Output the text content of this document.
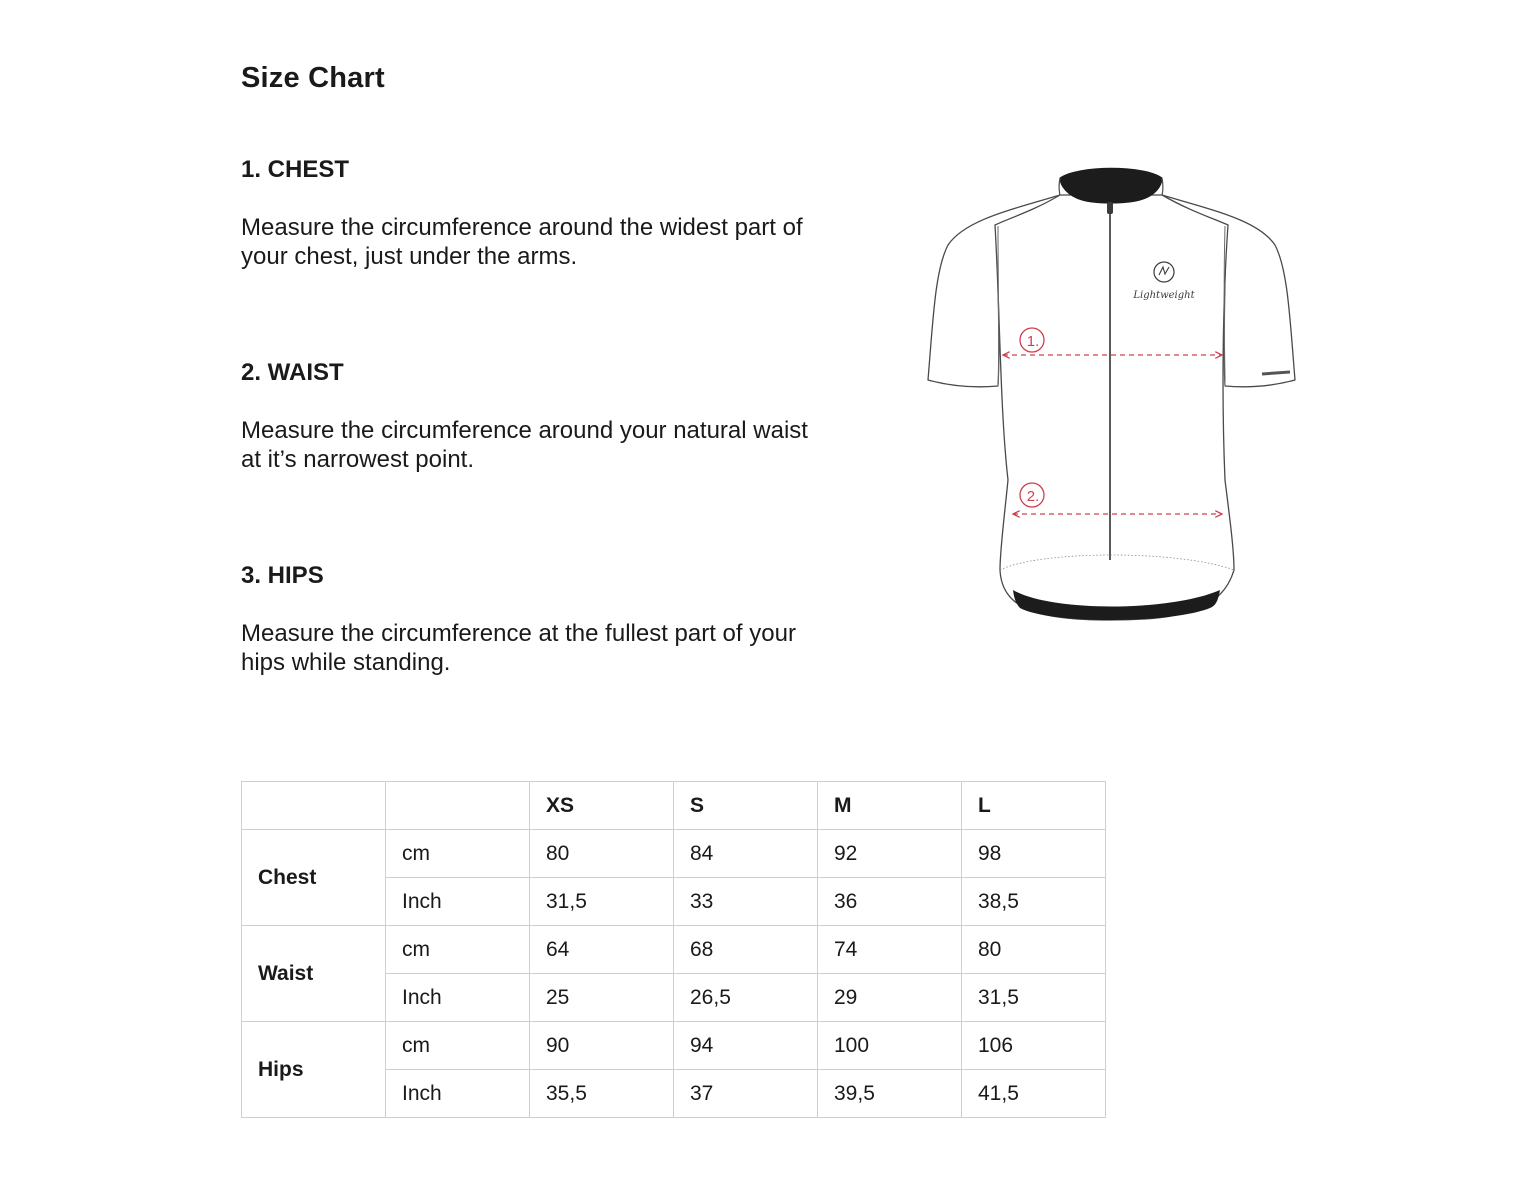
Size Chart
1. CHEST

Measure the circumference around the widest part of your chest, just under the arms.

2. WAIST

Measure the circumference around your natural waist at it’s narrowest point.

3. HIPS

Measure the circumference at the fullest part of your hips while standing.

Lightweight
1.
2.
		XS	S	M	L
Chest	cm	80	84	92	98
	Inch	31,5	33	36	38,5
Waist	cm	64	68	74	80
	Inch	25	26,5	29	31,5
Hips	cm	90	94	100	106
	Inch	35,5	37	39,5	41,5
